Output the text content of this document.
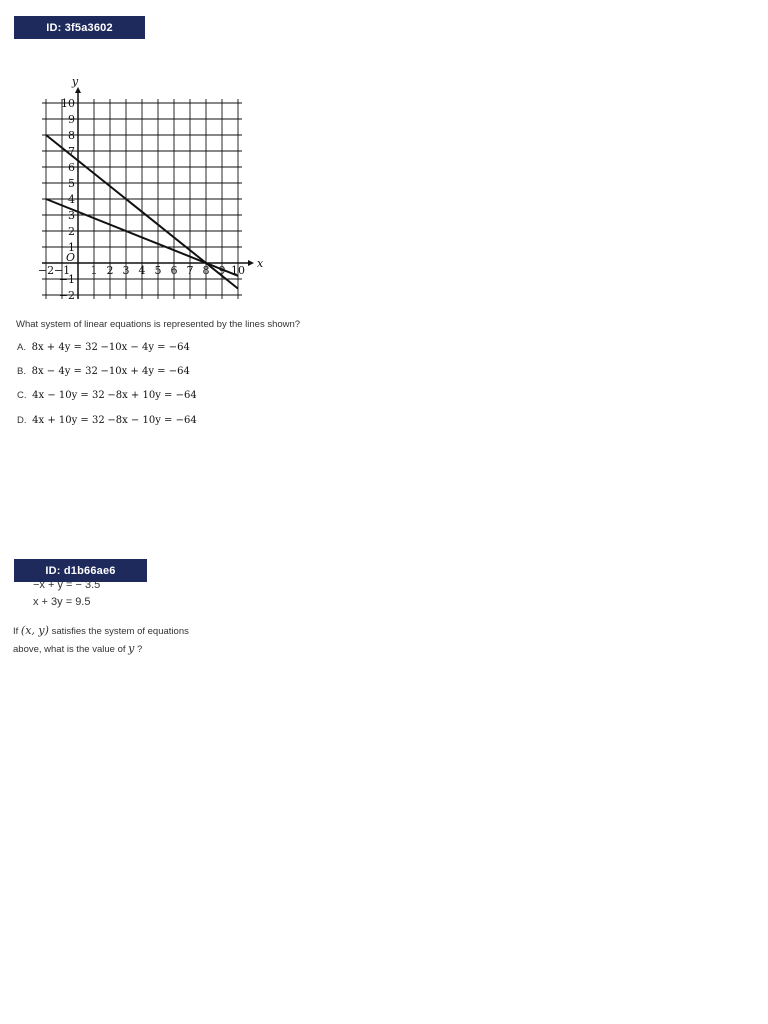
ID: 3f5a3602
−2 −1 1 2 3 4 5 6 7 8 9 10
10
9
8
7
6
5
4
3
2
1
−1
−2
O	x
y
What system of linear equations is represented by the lines shown?
A. 8x + 4y = 32 −10x − 4y = −64
B. 8x − 4y = 32 −10x + 4y = −64
C. 4x − 10y = 32 −8x + 10y = −64
D. 4x + 10y = 32 −8x − 10y = −64
ID: d1b66ae6
−x + y = − 3.5
x + 3y = 9.5
If (x, y) satisfies the system of equations
above, what is the value of y ?
